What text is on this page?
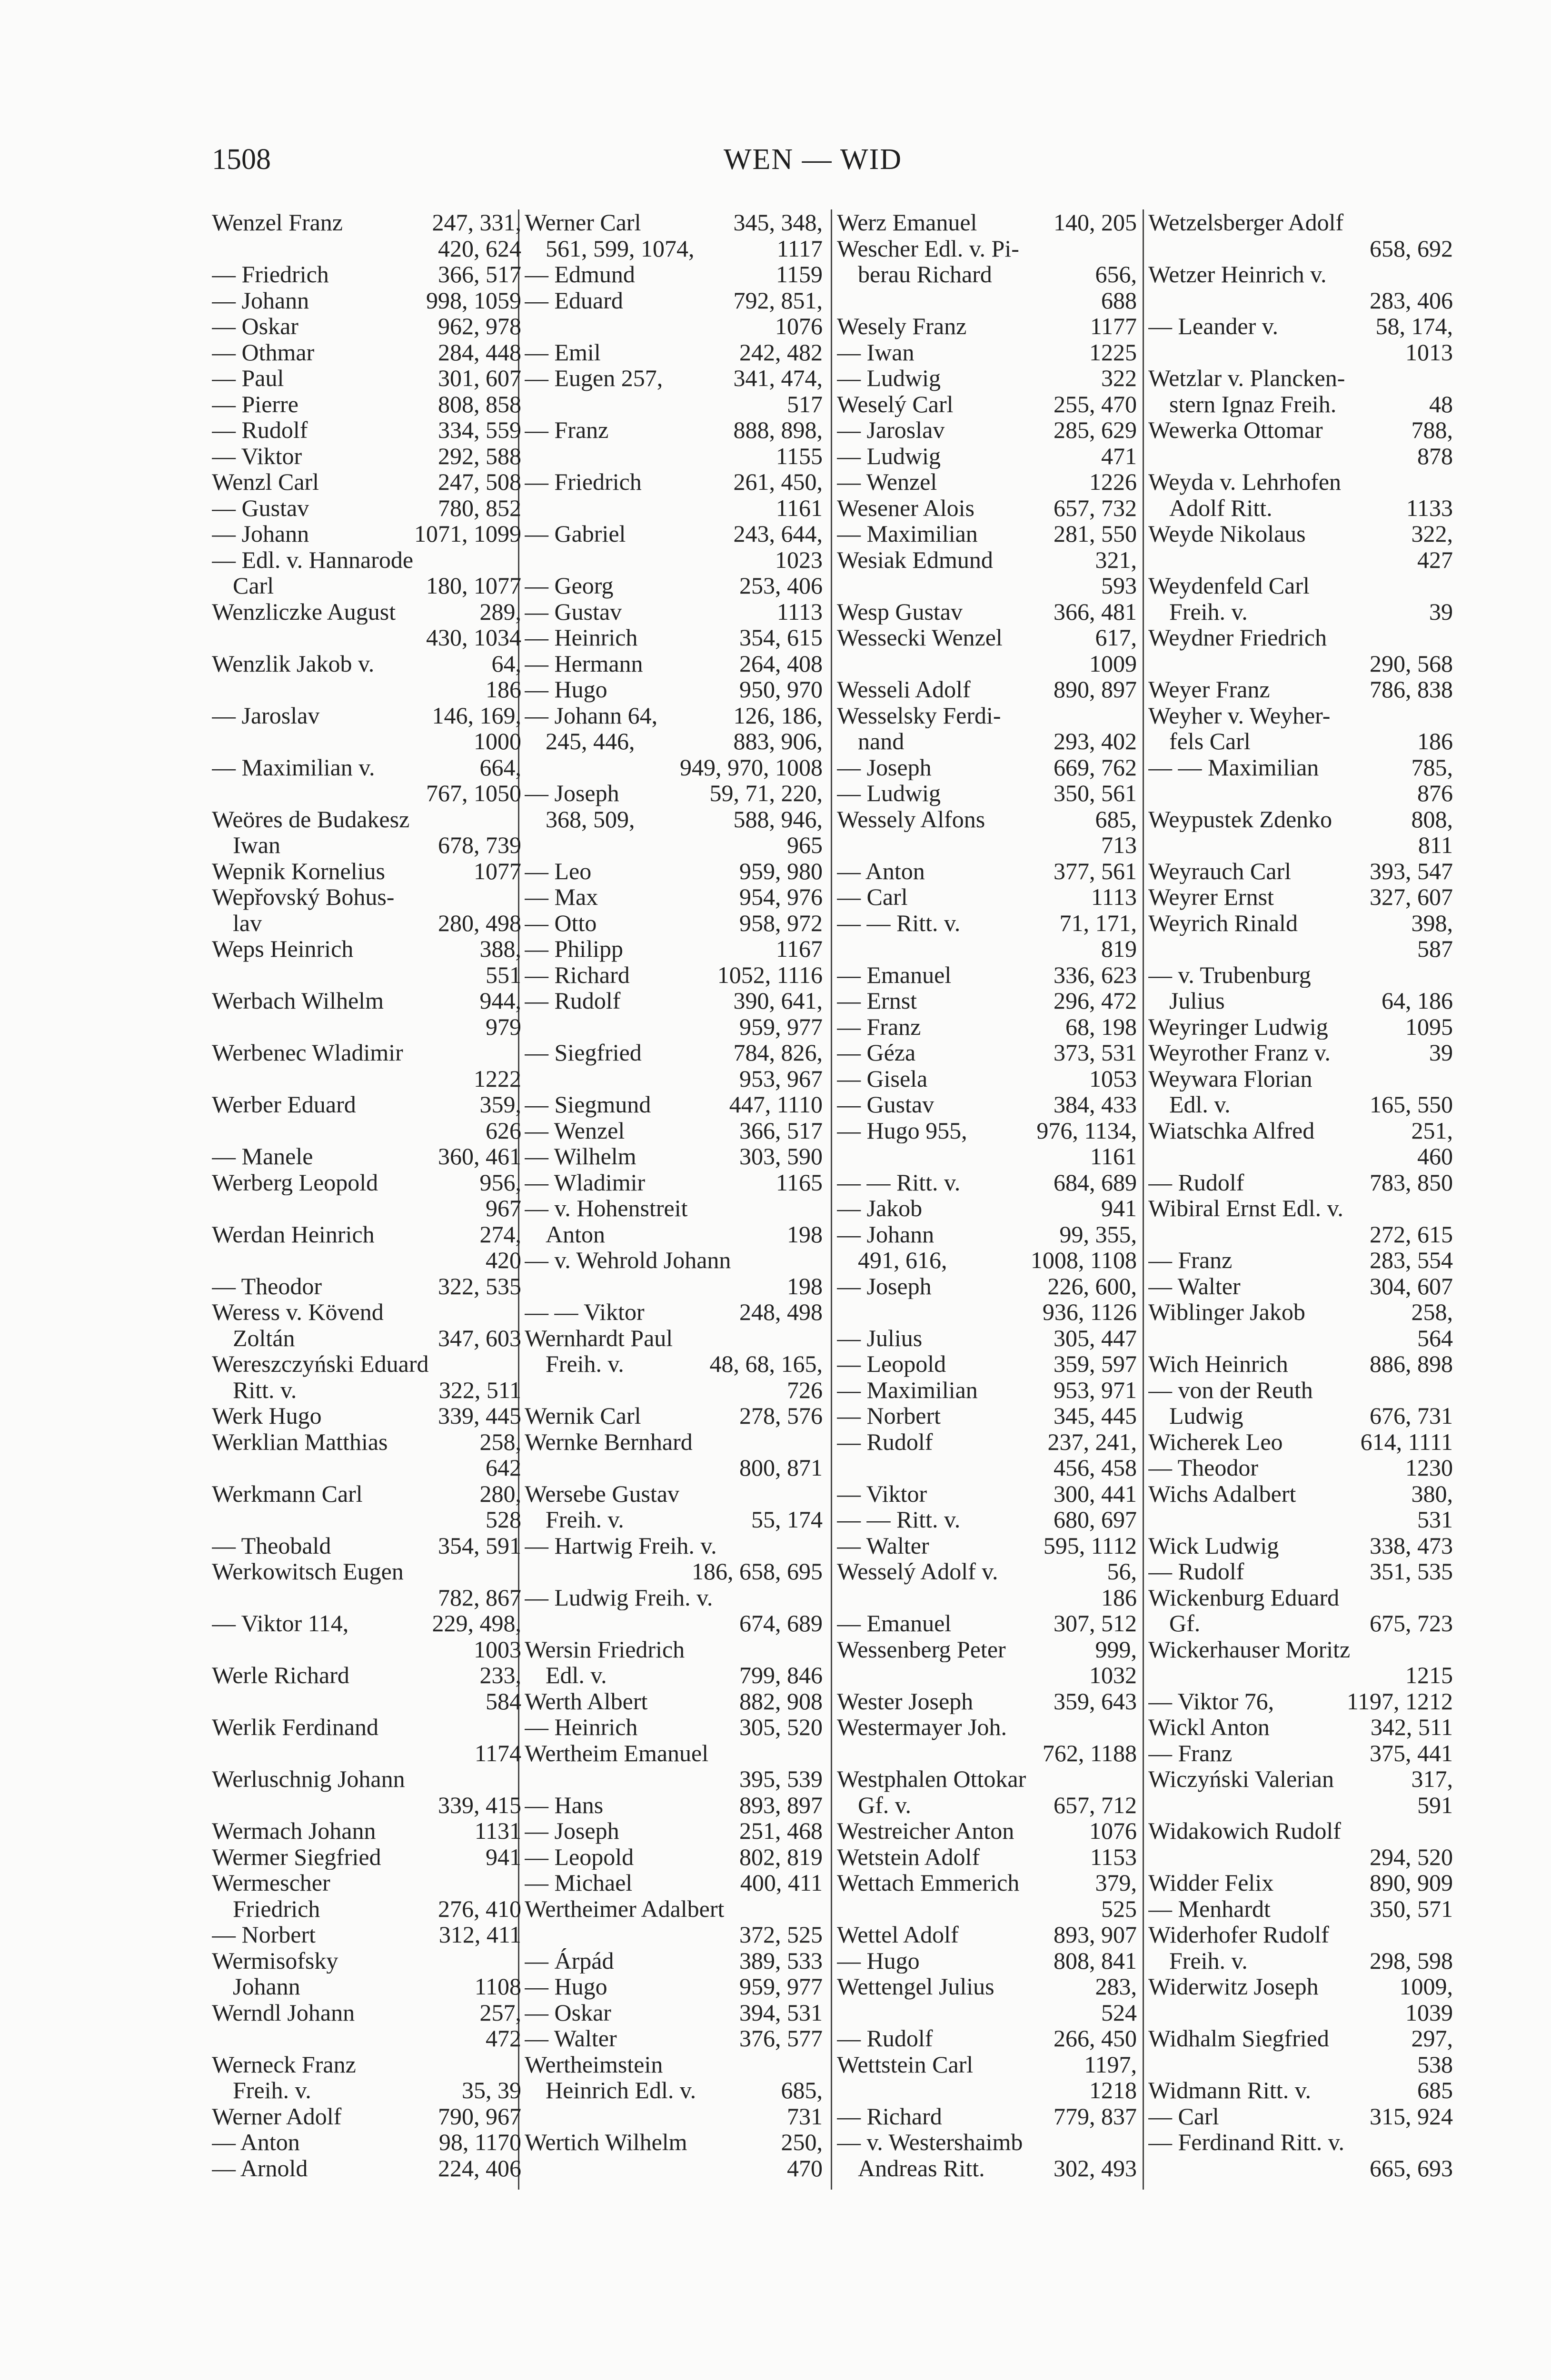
1508	WEN — WID
Wenzel Franz	247, 331,
420, 624
— Friedrich	366, 517
— Johann	998, 1059
— Oskar	962, 978
— Othmar	284, 448
— Paul	301, 607
— Pierre	808, 858
— Rudolf	334, 559
— Viktor	292, 588
Wenzl Carl	247, 508
— Gustav	780, 852
— Johann	1071, 1099
— Edl. v. Hannarode
Carl	180, 1077
Wenzliczke August	289,
430, 1034
Wenzlik Jakob v.	64,
186
— Jaroslav	146, 169,
1000
— Maximilian v.	664,
767, 1050
Weöres de Budakesz
Iwan	678, 739
Wepnik Kornelius	1077
Wepřovský Bohus-
lav	280, 498
Weps Heinrich	388,
551
Werbach Wilhelm	944,
979
Werbenec Wladimir
1222
Werber Eduard	359,
626
— Manele	360, 461
Werberg Leopold	956,
967
Werdan Heinrich	274,
420
— Theodor	322, 535
Weress v. Kövend
Zoltán	347, 603
Wereszczyński Eduard
Ritt. v.	322, 511
Werk Hugo	339, 445
Werklian Matthias	258,
642
Werkmann Carl	280,
528
— Theobald	354, 591
Werkowitsch Eugen
782, 867
— Viktor 114,	229, 498,
1003
Werle Richard	233,
584
Werlik Ferdinand
1174
Werluschnig Johann
339, 415
Wermach Johann	1131
Wermer Siegfried	941
Wermescher
Friedrich	276, 410
— Norbert	312, 411
Wermisofsky
Johann	1108
Werndl Johann	257,
472
Werneck Franz
Freih. v.	35, 39
Werner Adolf	790, 967
— Anton	98, 1170
— Arnold	224, 406
Werner Carl	345, 348,
561, 599, 1074,	1117
— Edmund	1159
— Eduard	792, 851,
1076
— Emil	242, 482
— Eugen 257,	341, 474,
517
— Franz	888, 898,
1155
— Friedrich	261, 450,
1161
— Gabriel	243, 644,
1023
— Georg	253, 406
— Gustav	1113
— Heinrich	354, 615
— Hermann	264, 408
— Hugo	950, 970
— Johann 64,	126, 186,
245, 446,	883, 906,
949, 970, 1008
— Joseph	59, 71, 220,
368, 509,	588, 946,
965
— Leo	959, 980
— Max	954, 976
— Otto	958, 972
— Philipp	1167
— Richard	1052, 1116
— Rudolf	390, 641,
959, 977
— Siegfried	784, 826,
953, 967
— Siegmund	447, 1110
— Wenzel	366, 517
— Wilhelm	303, 590
— Wladimir	1165
— v. Hohenstreit
Anton	198
— v. Wehrold Johann
198
— — Viktor	248, 498
Wernhardt Paul
Freih. v.	48, 68, 165,
726
Wernik Carl	278, 576
Wernke Bernhard
800, 871
Wersebe Gustav
Freih. v.	55, 174
— Hartwig Freih. v.
186, 658, 695
— Ludwig Freih. v.
674, 689
Wersin Friedrich
Edl. v.	799, 846
Werth Albert	882, 908
— Heinrich	305, 520
Wertheim Emanuel
395, 539
— Hans	893, 897
— Joseph	251, 468
— Leopold	802, 819
— Michael	400, 411
Wertheimer Adalbert
372, 525
— Árpád	389, 533
— Hugo	959, 977
— Oskar	394, 531
— Walter	376, 577
Wertheimstein
Heinrich Edl. v.	685,
731
Wertich Wilhelm	250,
470
Werz Emanuel	140, 205
Wescher Edl. v. Pi-
berau Richard	656,
688
Wesely Franz	1177
— Iwan	1225
— Ludwig	322
Weselý Carl	255, 470
— Jaroslav	285, 629
— Ludwig	471
— Wenzel	1226
Wesener Alois	657, 732
— Maximilian	281, 550
Wesiak Edmund	321,
593
Wesp Gustav	366, 481
Wessecki Wenzel	617,
1009
Wesseli Adolf	890, 897
Wesselsky Ferdi-
nand	293, 402
— Joseph	669, 762
— Ludwig	350, 561
Wessely Alfons	685,
713
— Anton	377, 561
— Carl	1113
— — Ritt. v.	71, 171,
819
— Emanuel	336, 623
— Ernst	296, 472
— Franz	68, 198
— Géza	373, 531
— Gisela	1053
— Gustav	384, 433
— Hugo 955,	976, 1134,
1161
— — Ritt. v.	684, 689
— Jakob	941
— Johann	99, 355,
491, 616,	1008, 1108
— Joseph	226, 600,
936, 1126
— Julius	305, 447
— Leopold	359, 597
— Maximilian	953, 971
— Norbert	345, 445
— Rudolf	237, 241,
456, 458
— Viktor	300, 441
— — Ritt. v.	680, 697
— Walter	595, 1112
Wesselý Adolf v.	56,
186
— Emanuel	307, 512
Wessenberg Peter	999,
1032
Wester Joseph	359, 643
Westermayer Joh.
762, 1188
Westphalen Ottokar
Gf. v.	657, 712
Westreicher Anton	1076
Wetstein Adolf	1153
Wettach Emmerich	379,
525
Wettel Adolf	893, 907
— Hugo	808, 841
Wettengel Julius	283,
524
— Rudolf	266, 450
Wettstein Carl	1197,
1218
— Richard	779, 837
— v. Westershaimb
Andreas Ritt.	302, 493
Wetzelsberger Adolf
658, 692
Wetzer Heinrich v.
283, 406
— Leander v.	58, 174,
1013
Wetzlar v. Plancken-
stern Ignaz Freih.	48
Wewerka Ottomar	788,
878
Weyda v. Lehrhofen
Adolf Ritt.	1133
Weyde Nikolaus	322,
427
Weydenfeld Carl
Freih. v.	39
Weydner Friedrich
290, 568
Weyer Franz	786, 838
Weyher v. Weyher-
fels Carl	186
— — Maximilian	785,
876
Weypustek Zdenko	808,
811
Weyrauch Carl	393, 547
Weyrer Ernst	327, 607
Weyrich Rinald	398,
587
— v. Trubenburg
Julius	64, 186
Weyringer Ludwig	1095
Weyrother Franz v.	39
Weywara Florian
Edl. v.	165, 550
Wiatschka Alfred	251,
460
— Rudolf	783, 850
Wibiral Ernst Edl. v.
272, 615
— Franz	283, 554
— Walter	304, 607
Wiblinger Jakob	258,
564
Wich Heinrich	886, 898
— von der Reuth
Ludwig	676, 731
Wicherek Leo	614, 1111
— Theodor	1230
Wichs Adalbert	380,
531
Wick Ludwig	338, 473
— Rudolf	351, 535
Wickenburg Eduard
Gf.	675, 723
Wickerhauser Moritz
1215
— Viktor 76,	1197, 1212
Wickl Anton	342, 511
— Franz	375, 441
Wiczyński Valerian	317,
591
Widakowich Rudolf
294, 520
Widder Felix	890, 909
— Menhardt	350, 571
Widerhofer Rudolf
Freih. v.	298, 598
Widerwitz Joseph	1009,
1039
Widhalm Siegfried	297,
538
Widmann Ritt. v.	685
— Carl	315, 924
— Ferdinand Ritt. v.
665, 693
